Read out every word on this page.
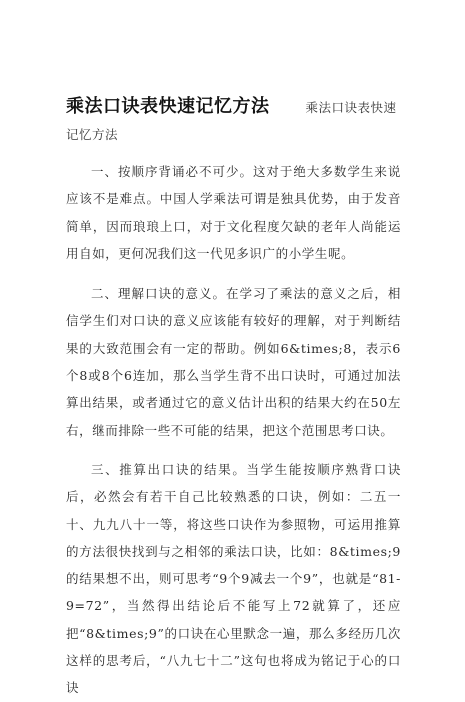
乘法口诀表快速记忆方法	乘法口诀表快速

记忆方法

一、按顺序背诵必不可少。这对于绝大多数学生来说应该不是难点。中国人学乘法可谓是独具优势，由于发音简单，因而琅琅上口，对于文化程度欠缺的老年人尚能运用自如，更何况我们这一代见多识广的小学生呢。

二、理解口诀的意义。在学习了乘法的意义之后，相信学生们对口诀的意义应该能有较好的理解，对于判断结果的大致范围会有一定的帮助。例如6&times;8，表示6个8或8个6连加，那么当学生背不出口诀时，可通过加法算出结果，或者通过它的意义估计出积的结果大约在50左右，继而排除一些不可能的结果，把这个范围思考口诀。

三、推算出口诀的结果。当学生能按顺序熟背口诀后，必然会有若干自己比较熟悉的口诀，例如：二五一十、九九八十一等，将这些口诀作为参照物，可运用推算的方法很快找到与之相邻的乘法口诀，比如：8&times;9的结果想不出，则可思考“9个9减去一个9”，也就是“81-9=72”，当然得出结论后不能写上72就算了，还应把“8&times;9”的口诀在心里默念一遍，那么多经历几次这样的思考后，“八九七十二”这句也将成为铭记于心的口诀
